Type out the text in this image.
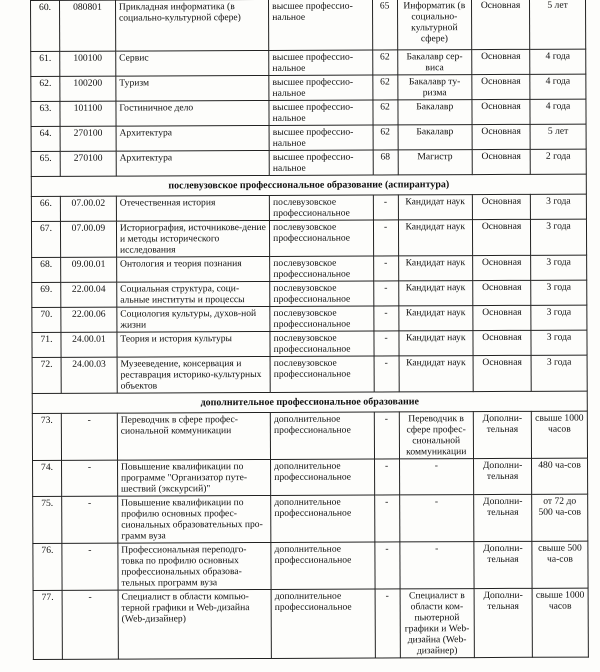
60.	080801	Прикладная информатика (в социально-культурной сфере)	высшее профессио-нальное	65	Информатик (в социально-культурной сфере)	Основная	5 лет
61.	100100	Сервис	высшее профессио-нальное	62	Бакалавр сер-виса	Основная	4 года
62.	100200	Туризм	высшее профессио-нальное	62	Бакалавр ту-ризма	Основная	4 года
63.	101100	Гостиничное дело	высшее профессио-нальное	62	Бакалавр	Основная	4 года
64.	270100	Архитектура	высшее профессио-нальное	62	Бакалавр	Основная	5 лет
65.	270100	Архитектура	высшее профессио-нальное	68	Магистр	Основная	2 года
послевузовское профессиональное образование (аспирантура)							
66.	07.00.02	Отечественная история	послевузовское профессиональное	-	Кандидат наук	Основная	3 года
67.	07.00.09	Историография, источникове-дение и методы исторического исследования	послевузовское профессиональное	-	Кандидат наук	Основная	3 года
68.	09.00.01	Онтология и теория познания	послевузовское профессиональное	-	Кандидат наук	Основная	3 года
69.	22.00.04	Социальная структура, соци-альные институты и процессы	послевузовское профессиональное	-	Кандидат наук	Основная	3 года
70.	22.00.06	Социология культуры, духов-ной жизни	послевузовское профессиональное	-	Кандидат наук	Основная	3 года
71.	24.00.01	Теория и история культуры	послевузовское профессиональное	-	Кандидат наук	Основная	3 года
72.	24.00.03	Музееведение, консервация и реставрация историко-культурных объектов	послевузовское профессиональное	-	Кандидат наук	Основная	3 года
дополнительное профессиональное образование							
73.	-	Переводчик в сфере профес-сиональной коммуникации	дополнительное профессиональное	-	Переводчик в сфере профес-сиональной коммуникации	Дополни-тельная	свыше 1000 часов
74.	-	Повышение квалификации по программе "Организатор путе-шествий (экскурсий)"	дополнительное профессиональное	-	-	Дополни-тельная	480 ча-сов
75.	-	Повышение квалификации по профилю основных профес-сиональных образовательных про-грамм вуза	дополнительное профессиональное	-	-	Дополни-тельная	от 72 до 500 ча-сов
76.	-	Профессиональная переподго-товка по профилю основных профессиональных образова-тельных программ вуза	дополнительное профессиональное	-	-	Дополни-тельная	свыше 500 ча-сов
77.	-	Специалист в области компью-терной графики и Web-дизайна (Web-дизайнер)	дополнительное профессиональное	-	Специалист в области ком-пьютерной графики и Web-дизайна (Web-дизайнер)	Дополни-тельная	свыше 1000 часов
